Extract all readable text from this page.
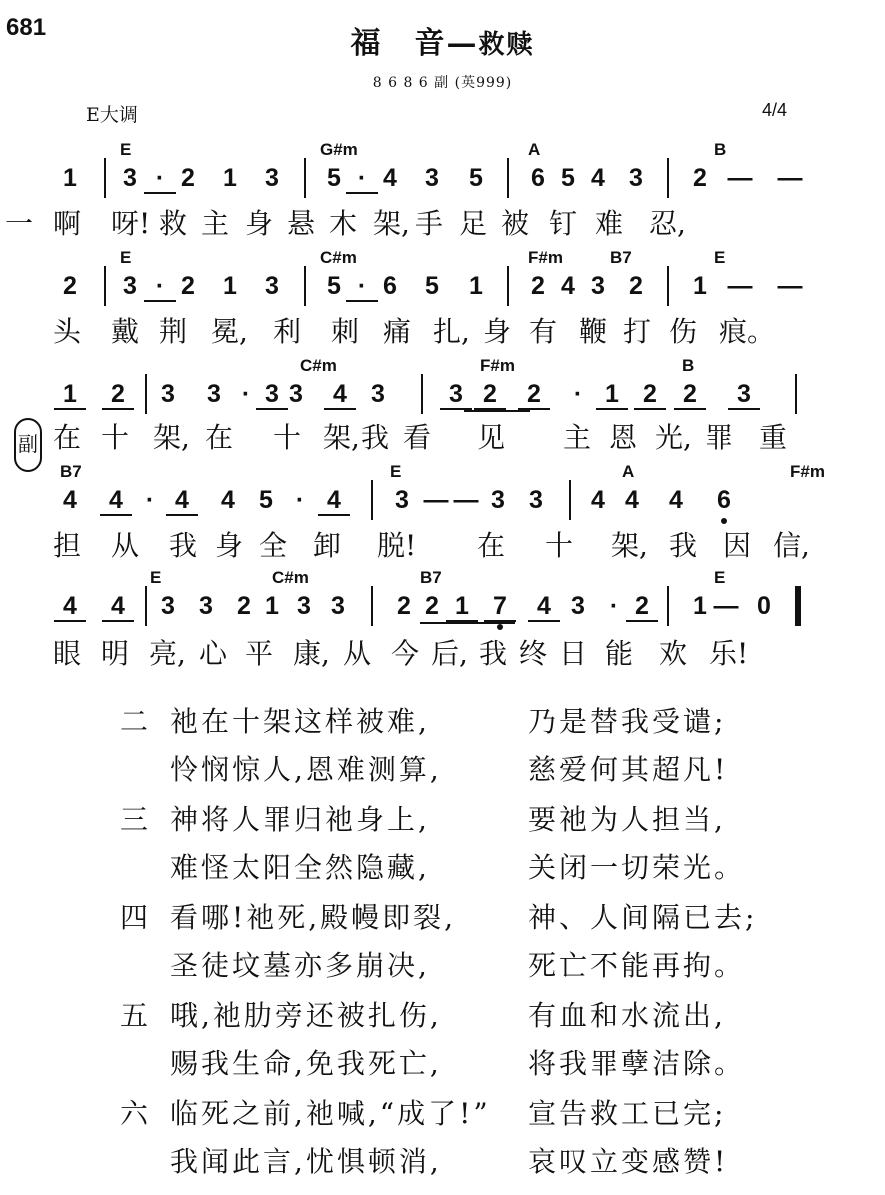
681	福　音—救赎
8 6 8 6 副 (英999)
E大调	4/4
1	3 · 2	1	3	5 · 4	3	5	6 5 4 3	2 — —
E	G#m	A	B
一 啊 呀! 救 主 身 悬 木 架, 手 足 被 钉 难 忍,
2	3 · 2	1	3	5 · 6	5	1	2 4 3 2	1 — —
E	C#m	F#m	B7	E
头 戴 荆 冕, 利 刺 痛 扎, 身 有 鞭 打 伤 痕。
1	2	3	3 · 3 3	4 3	3 2	2	· 1 2	2	3
C#m	F#m	B
在 十 架, 在 十 架, 我 看 见 主 恩 光, 罪 重
4	4 · 4	4 5 · 4	3 — — 3 3	4 4	4	6
B7	E	A	F#m
担 从 我 身 全 卸 脱!	在 十 架, 我 因 信,
4	4	3 3 2 1 3 3	2 2 1 7	4 3 · 2	1 — 0
E	C#m	B7	E
眼 明 亮, 心 平 康, 从 今 后, 我 终 日 能 欢 乐!
副
二 祂在十架这样被难,	乃是替我受谴;
怜悯惊人,恩难测算,	慈爱何其超凡!
三 神将人罪归祂身上,	要祂为人担当,
难怪太阳全然隐藏,	关闭一切荣光。
四 看哪!祂死,殿幔即裂,	神、人间隔已去;
圣徒坟墓亦多崩决,	死亡不能再拘。
五 哦,祂肋旁还被扎伤,	有血和水流出,
赐我生命,免我死亡,	将我罪孽洁除。
六 临死之前,祂喊,“成了!” 宣告救工已完;
我闻此言,忧惧顿消,	哀叹立变感赞!
